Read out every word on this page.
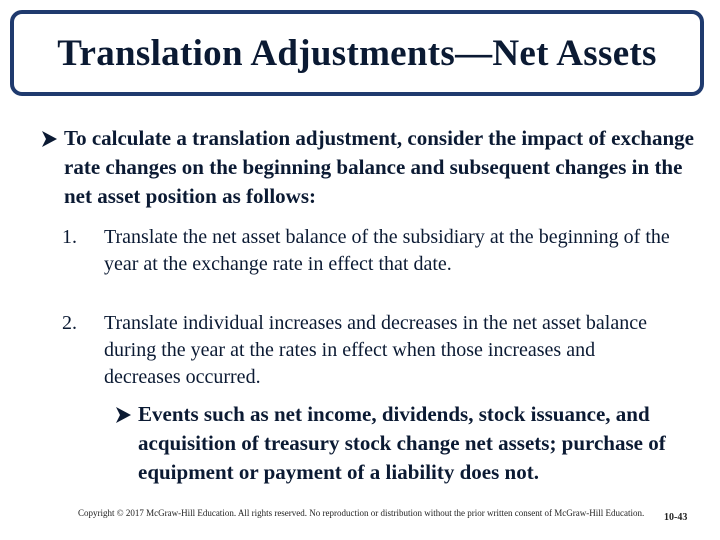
Translation Adjustments—Net Assets
To calculate a translation adjustment, consider the impact of exchange rate changes on the beginning balance and subsequent changes in the net asset position as follows:
1. Translate the net asset balance of the subsidiary at the beginning of the year at the exchange rate in effect that date.
2. Translate individual increases and decreases in the net asset balance during the year at the rates in effect when those increases and decreases occurred.
Events such as net income, dividends, stock issuance, and acquisition of treasury stock change net assets; purchase of equipment or payment of a liability does not.
Copyright © 2017 McGraw-Hill Education. All rights reserved. No reproduction or distribution without the prior written consent of McGraw-Hill Education. 10-43
